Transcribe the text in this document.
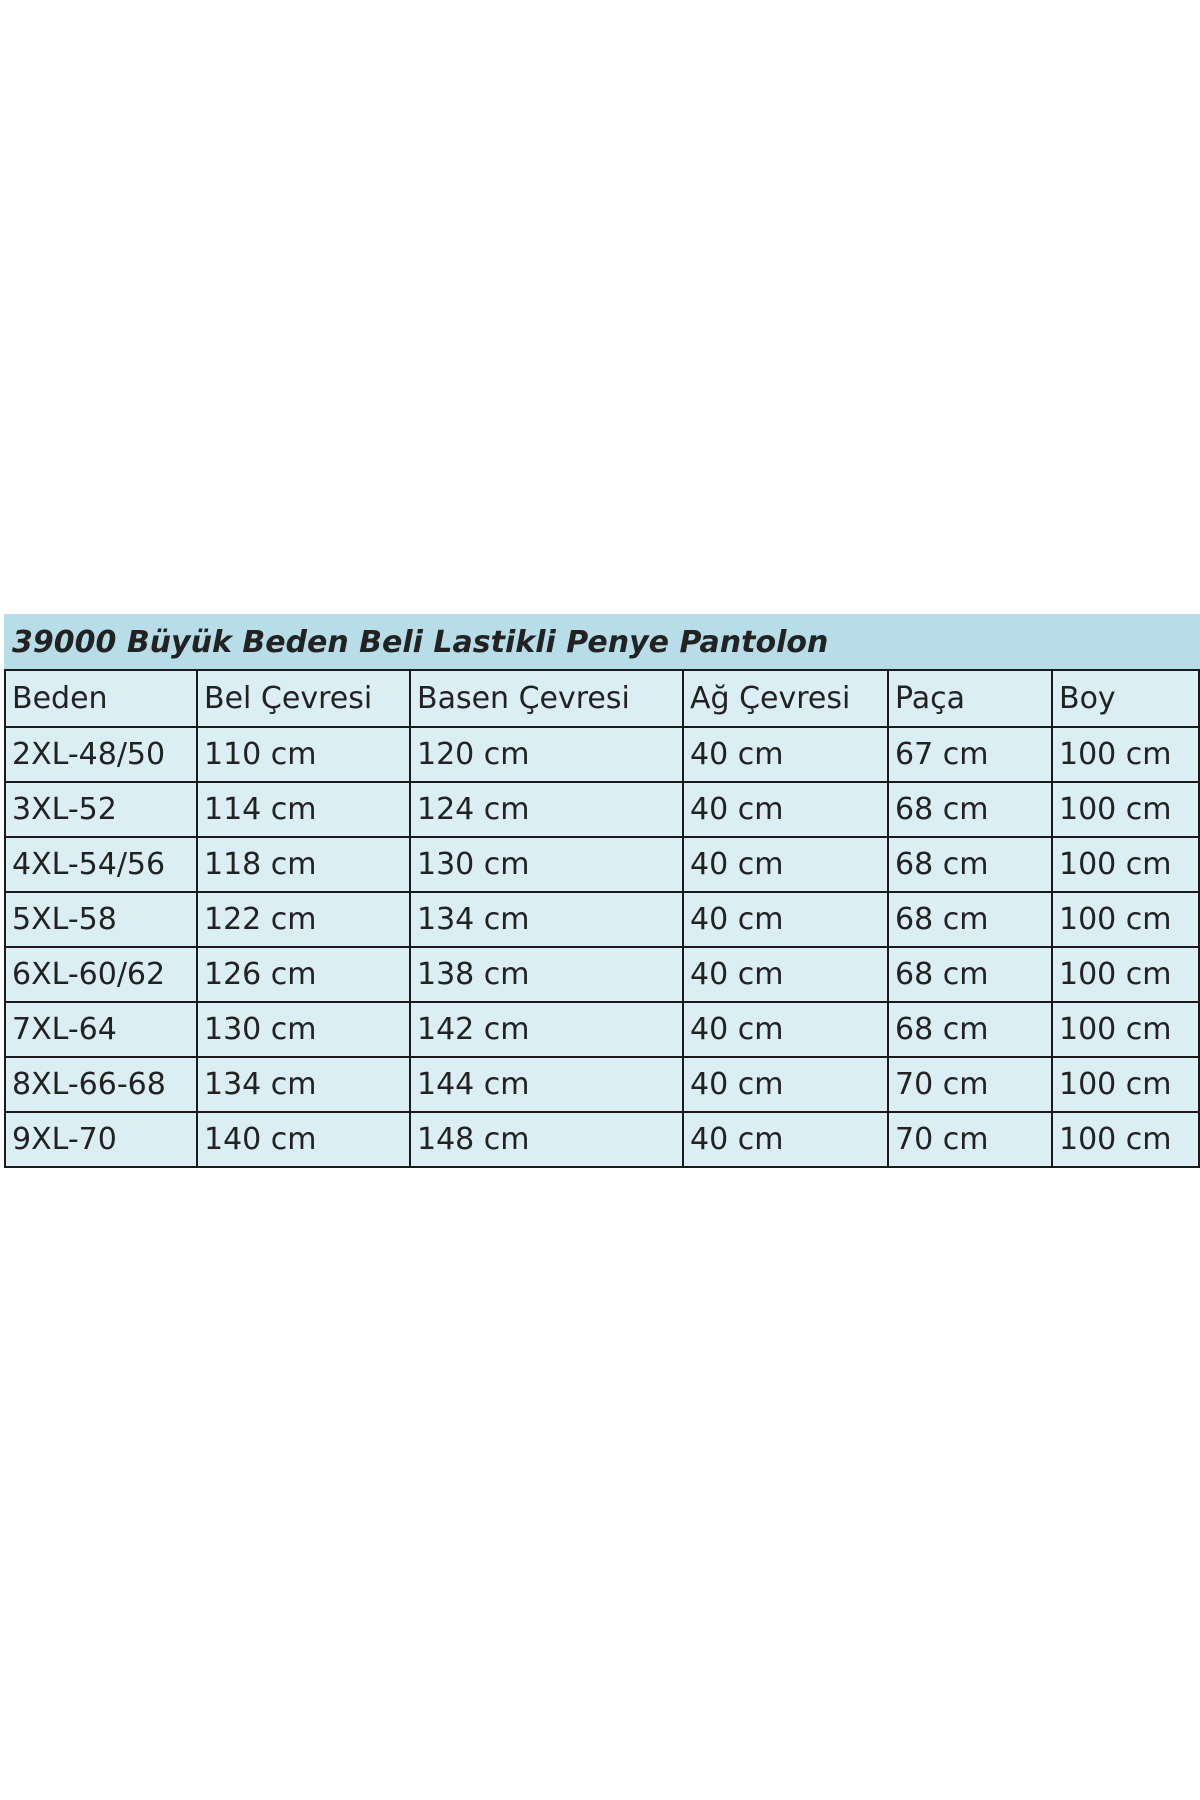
39000 Büyük Beden Beli Lastikli Penye Pantolon					
Beden	Bel Çevresi	Basen Çevresi	Ağ Çevresi	Paça	Boy
2XL-48/50	110 cm	120 cm	40 cm	67 cm	100 cm
3XL-52	114 cm	124 cm	40 cm	68 cm	100 cm
4XL-54/56	118 cm	130 cm	40 cm	68 cm	100 cm
5XL-58	122 cm	134 cm	40 cm	68 cm	100 cm
6XL-60/62	126 cm	138 cm	40 cm	68 cm	100 cm
7XL-64	130 cm	142 cm	40 cm	68 cm	100 cm
8XL-66-68	134 cm	144 cm	40 cm	70 cm	100 cm
9XL-70	140 cm	148 cm	40 cm	70 cm	100 cm
